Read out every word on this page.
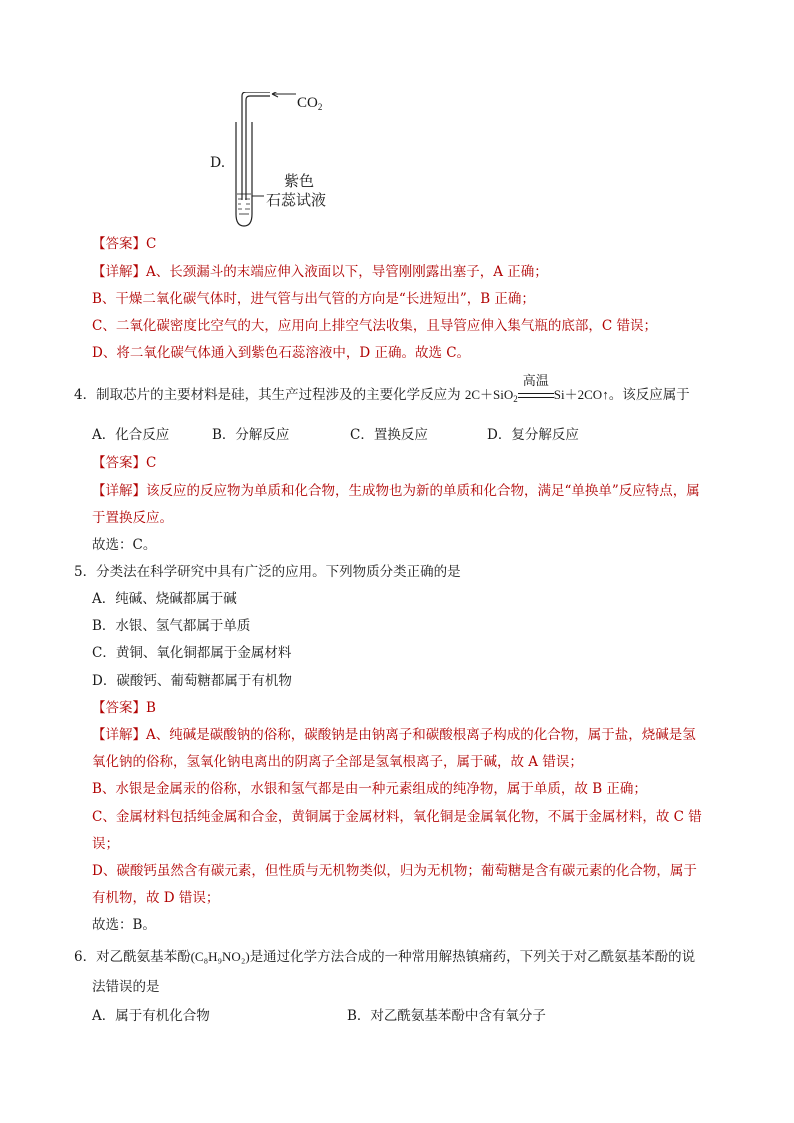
D.
$CO_2$
紫色
石蕊试液
【答案】C
【详解】A、长颈漏斗的末端应伸入液面以下，导管刚刚露出塞子，A 正确；
B、干燥二氧化碳气体时，进气管与出气管的方向是“长进短出”，B 正确；
C、二氧化碳密度比空气的大，应用向上排空气法收集，且导管应伸入集气瓶的底部，C 错误；
D、将二氧化碳气体通入到紫色石蕊溶液中，D 正确。故选 C。
4．制取芯片的主要材料是硅，其生产过程涉及的主要化学反应为 2C＋SiO$_2$
高温
Si＋2CO↑。该反应属于
A．化合反应	B．分解反应	C．置换反应	D．复分解反应
【答案】C
【详解】该反应的反应物为单质和化合物，生成物也为新的单质和化合物，满足“单换单”反应特点，属
于置换反应。
故选：C。
5．分类法在科学研究中具有广泛的应用。下列物质分类正确的是
A．纯碱、烧碱都属于碱
B．水银、氢气都属于单质
C．黄铜、氧化铜都属于金属材料
D．碳酸钙、葡萄糖都属于有机物
【答案】B
【详解】A、纯碱是碳酸钠的俗称，碳酸钠是由钠离子和碳酸根离子构成的化合物，属于盐，烧碱是氢
氧化钠的俗称，氢氧化钠电离出的阴离子全部是氢氧根离子，属于碱，故 A 错误；
B、水银是金属汞的俗称，水银和氢气都是由一种元素组成的纯净物，属于单质，故 B 正确；
C、金属材料包括纯金属和合金，黄铜属于金属材料，氧化铜是金属氧化物，不属于金属材料，故 C 错
误；
D、碳酸钙虽然含有碳元素，但性质与无机物类似，归为无机物；葡萄糖是含有碳元素的化合物，属于
有机物，故 D 错误；
故选：B。
6．对乙酰氨基苯酚(C₈H₉NO₂)是通过化学方法合成的一种常用解热镇痛药，下列关于对乙酰氨基苯酚的说
法错误的是
A．属于有机化合物	B．对乙酰氨基苯酚中含有氧分子
